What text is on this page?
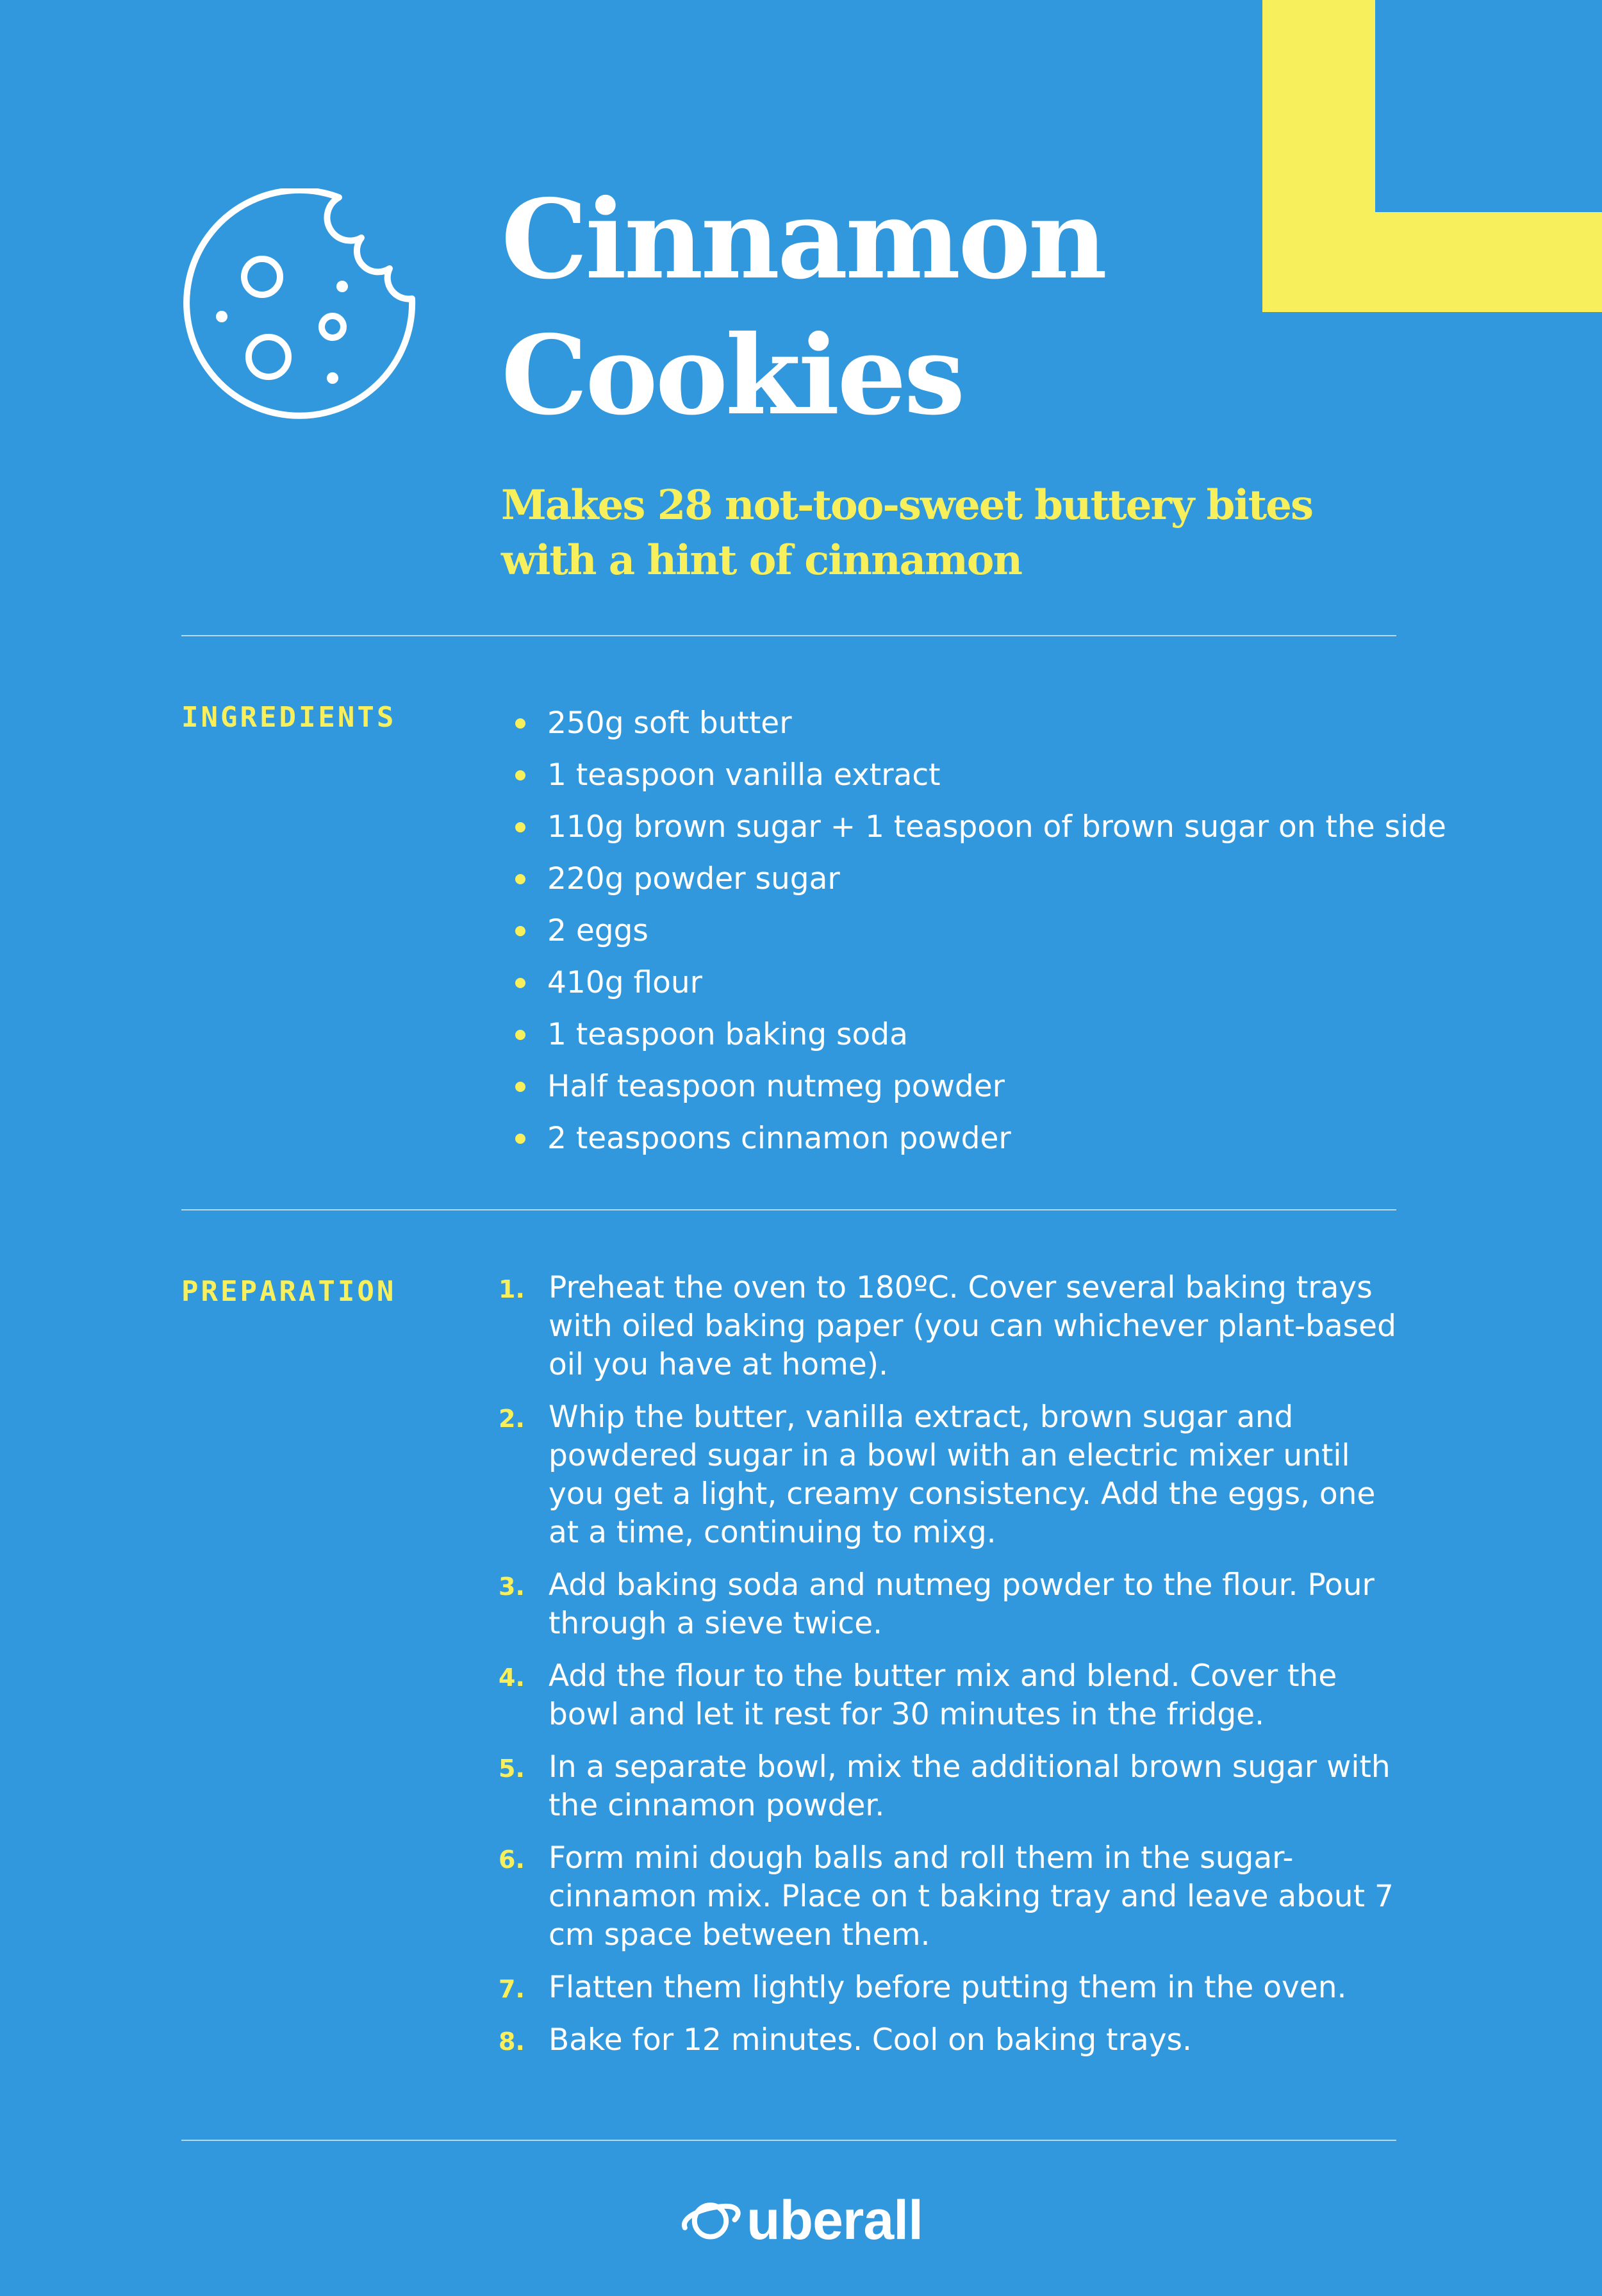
Cinnamon
Cookies

Makes 28 not-too-sweet buttery bites with a hint of cinnamon

INGREDIENTS	250g soft butter
1 teaspoon vanilla extract
110g brown sugar + 1 teaspoon of brown sugar on the side
220g powder sugar
2 eggs
410g flour
1 teaspoon baking soda
Half teaspoon nutmeg powder
2 teaspoons cinnamon powder
PREPARATION	1. Preheat the oven to 180ºC. Cover several baking trays with oiled baking paper (you can whichever plant-based oil you have at home).
2. Whip the butter, vanilla extract, brown sugar and powdered sugar in a bowl with an electric mixer until you get a light, creamy consistency. Add the eggs, one at a time, continuing to mixg.
3. Add baking soda and nutmeg powder to the flour. Pour through a sieve twice.
4. Add the flour to the butter mix and blend. Cover the bowl and let it rest for 30 minutes in the fridge.
5. In a separate bowl, mix the additional brown sugar with the cinnamon powder.
6. Form mini dough balls and roll them in the sugar-cinnamon mix. Place on t baking tray and leave about 7 cm space between them.
7. Flatten them lightly before putting them in the oven.
8. Bake for 12 minutes. Cool on baking trays.
uberall
